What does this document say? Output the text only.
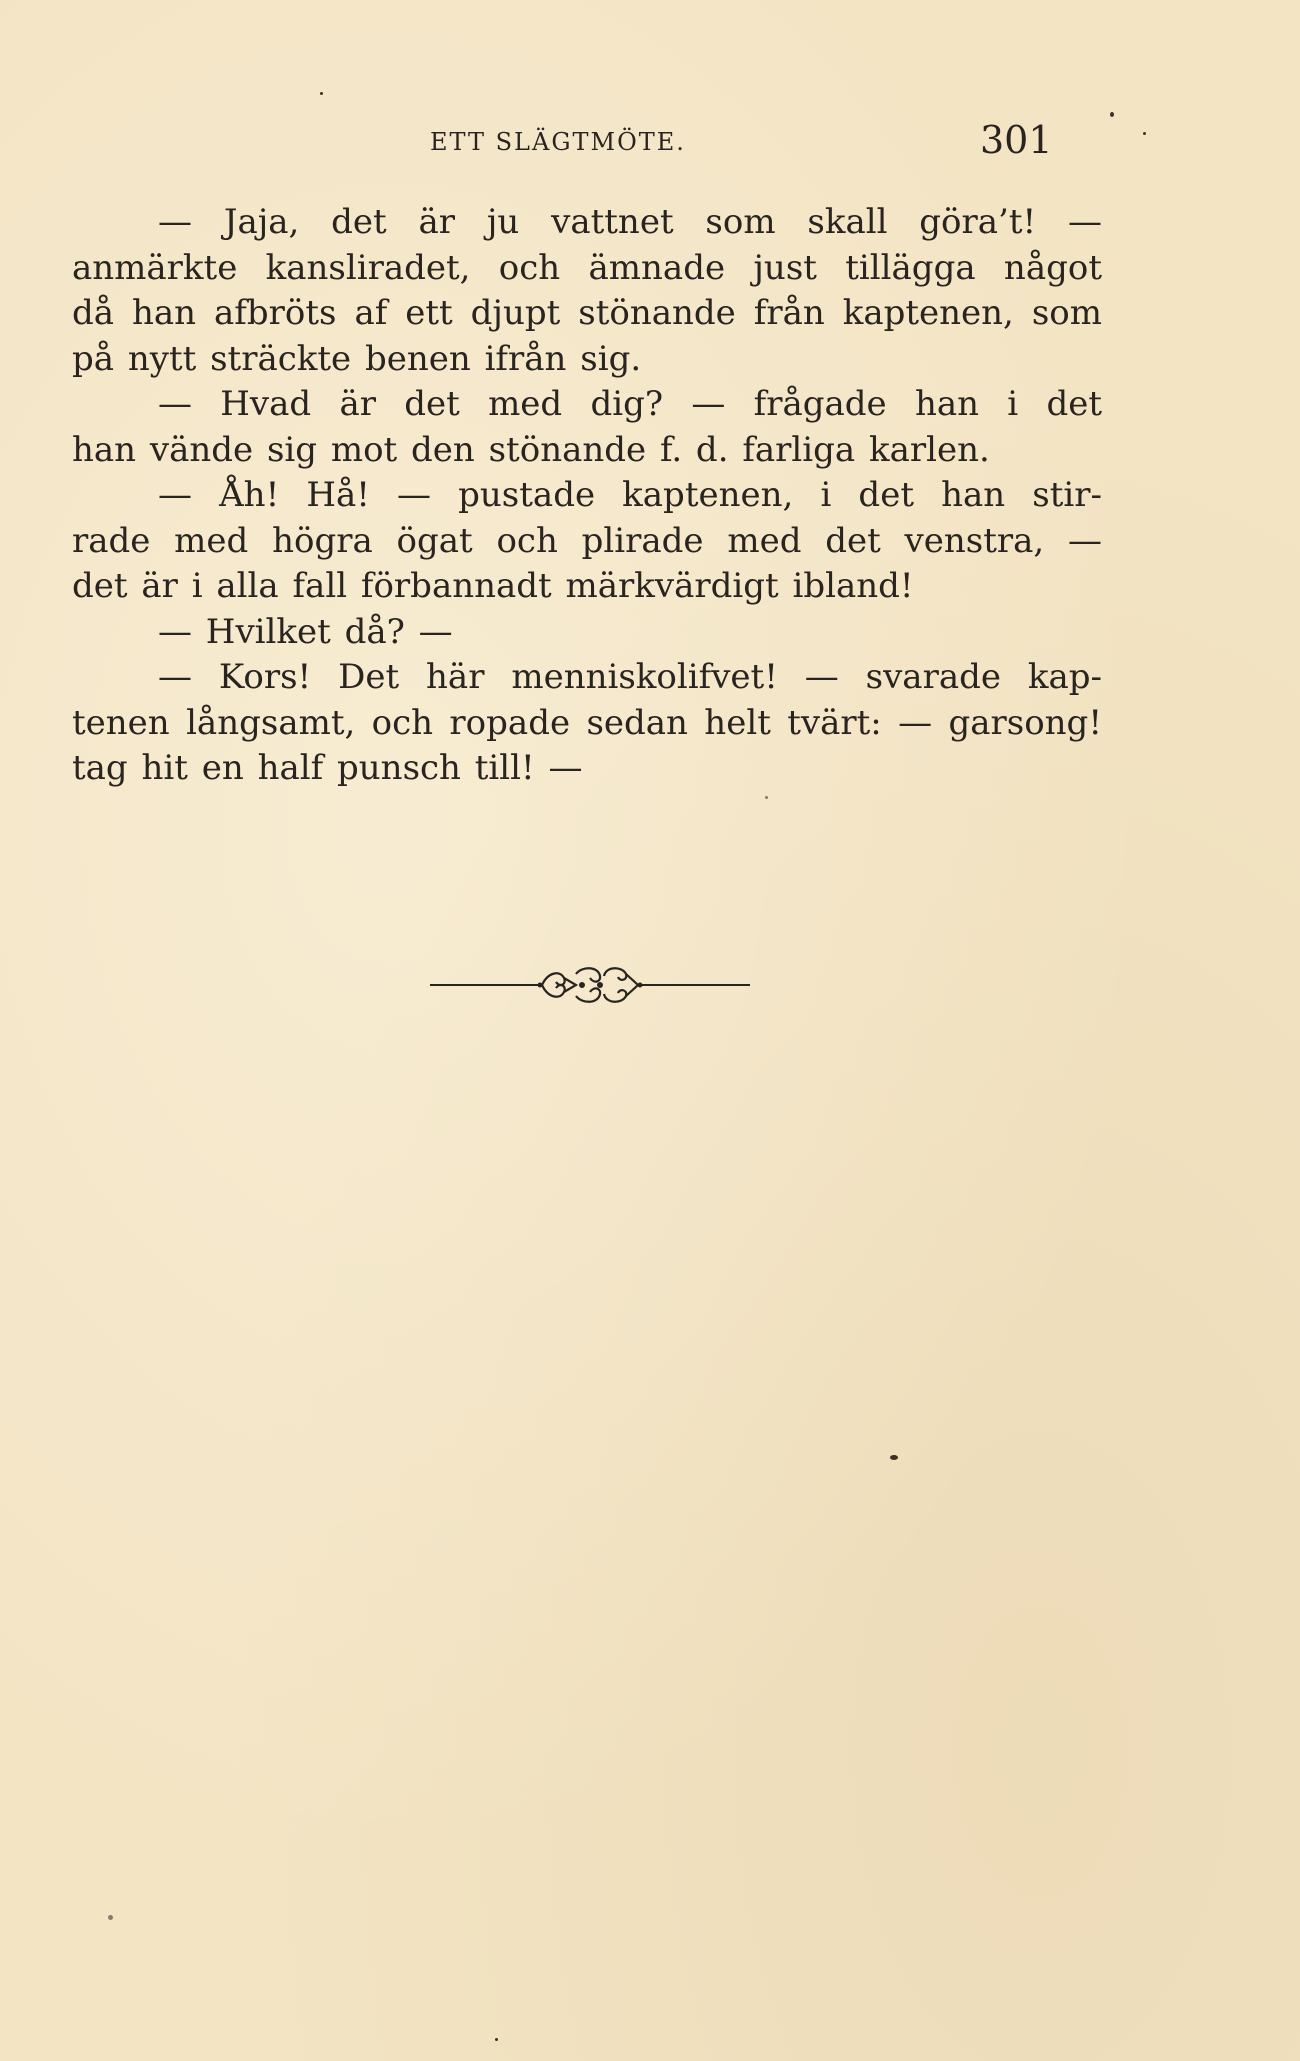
ETT SLÄGTMÖTE.	301
— Jaja, det är ju vattnet som skall göra’t! —
anmärkte kansliradet, och ämnade just tillägga något
då han afbröts af ett djupt stönande från kaptenen, som
på nytt sträckte benen ifrån sig.
— Hvad är det med dig? — frågade han i det
han vände sig mot den stönande f. d. farliga karlen.
— Åh! Hå! — pustade kaptenen, i det han stir-
rade med högra ögat och plirade med det venstra, —
det är i alla fall förbannadt märkvärdigt ibland!
— Hvilket då? —
— Kors! Det här menniskolifvet! — svarade kap-
tenen långsamt, och ropade sedan helt tvärt: — garsong!
tag hit en half punsch till! —
